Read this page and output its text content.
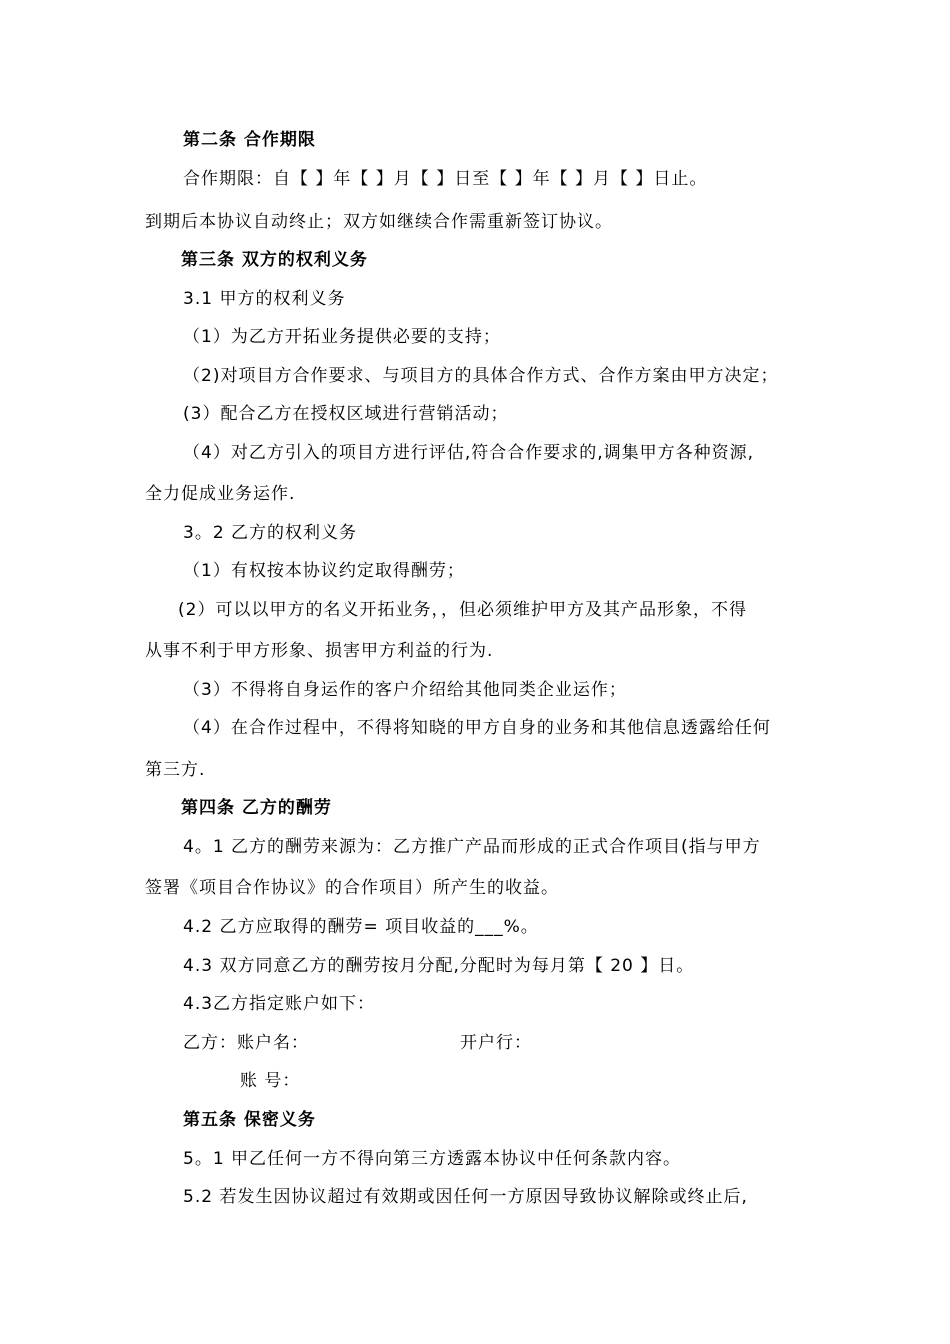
第二条 合作期限
合作期限：自【 】年【 】月【 】日至【 】年【 】月【 】日止。
到期后本协议自动终止；双方如继续合作需重新签订协议。
第三条 双方的权利义务
3.1 甲方的权利义务
（1）为乙方开拓业务提供必要的支持；
（2)对项目方合作要求、与项目方的具体合作方式、合作方案由甲方决定；
(3）配合乙方在授权区域进行营销活动；
（4）对乙方引入的项目方进行评估,符合合作要求的,调集甲方各种资源,
全力促成业务运作.
3。2 乙方的权利义务
（1）有权按本协议约定取得酬劳；
(2）可以以甲方的名义开拓业务，，但必须维护甲方及其产品形象，不得
从事不利于甲方形象、损害甲方利益的行为.
（3）不得将自身运作的客户介绍给其他同类企业运作；
（4）在合作过程中，不得将知晓的甲方自身的业务和其他信息透露给任何
第三方.
第四条 乙方的酬劳
4。1 乙方的酬劳来源为：乙方推广产品而形成的正式合作项目(指与甲方
签署《项目合作协议》的合作项目）所产生的收益。
4.2 乙方应取得的酬劳= 项目收益的___%。
4.3 双方同意乙方的酬劳按月分配,分配时为每月第【 20 】日。
4.3乙方指定账户如下：
乙方：账户名：	开户行：
账 号：
第五条 保密义务
5。1 甲乙任何一方不得向第三方透露本协议中任何条款内容。
5.2 若发生因协议超过有效期或因任何一方原因导致协议解除或终止后,
